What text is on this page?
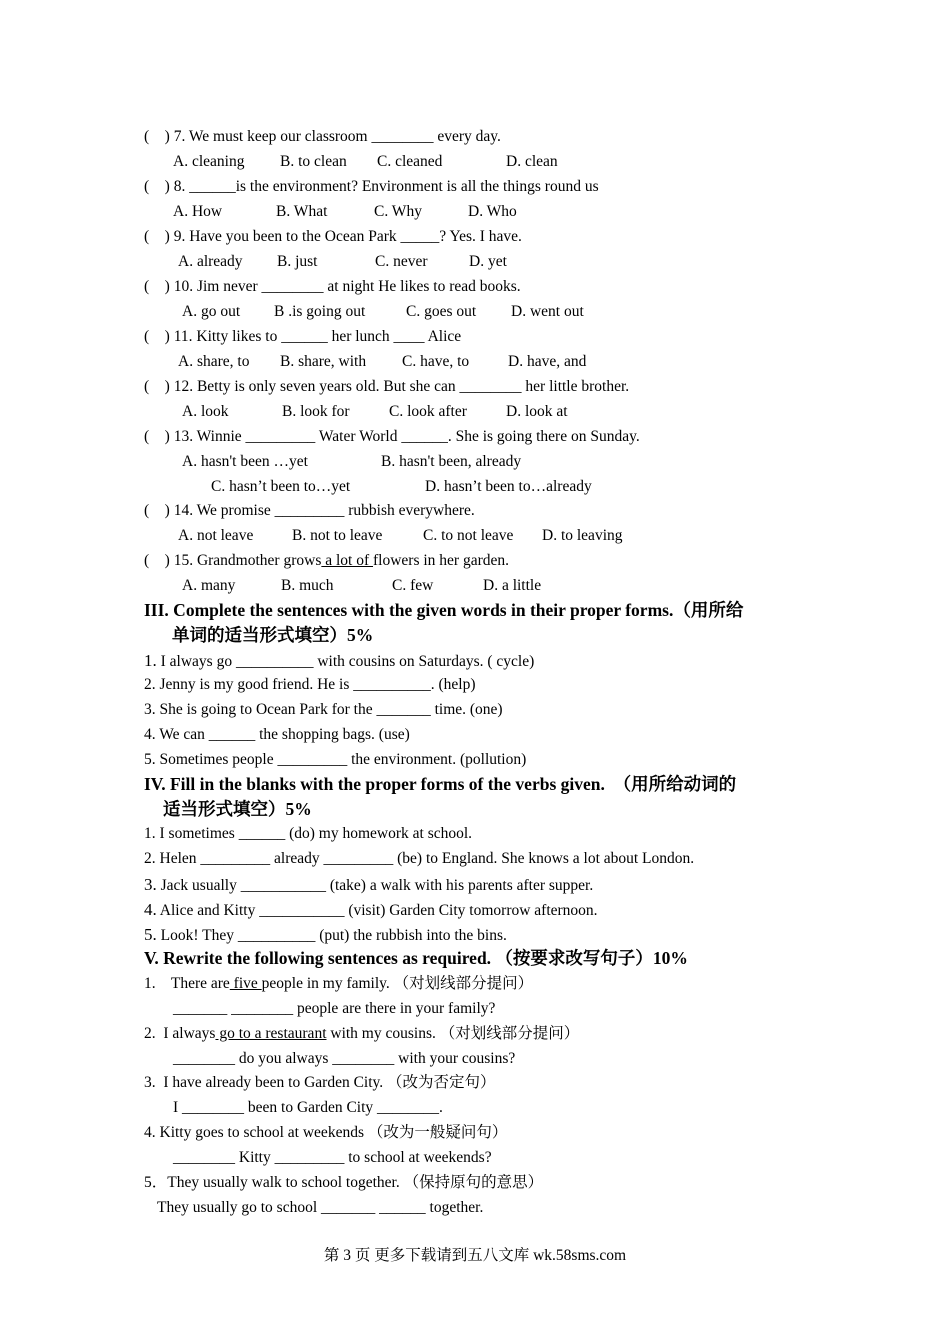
(    ) 7. We must keep our classroom ________ every day.
A. cleaning B. to clean C. cleaned	D. clean
(    ) 8. ______is the environment? Environment is all the things round us
A. How	B. What	C. Why	D. Who
(    ) 9. Have you been to the Ocean Park _____? Yes. I have.
A. already B. just	C. never	D. yet
(    ) 10. Jim never ________ at night He likes to read books.
A. go out B .is going out	C. goes out D. went out
(    ) 11. Kitty likes to ______ her lunch ____ Alice
A. share, to B. share, with C. have, to	D. have, and
(    ) 12. Betty is only seven years old. But she can ________ her little brother.
A. look	B. look for	C. look after	D. look at
(    ) 13. Winnie _________ Water World ______. She is going there on Sunday.
A. hasn't been …yet	B. hasn't been, already
C. hasn’t been to…yet	D. hasn’t been to…already
(    ) 14. We promise _________ rubbish everywhere.
A. not leave B. not to leave	C. to not leave D. to leaving
(    ) 15. Grandmother grows a lot of flowers in her garden.
A. many	B. much	C. few	D. a little
III. Complete the sentences with the given words in their proper forms.（用所给
单词的适当形式填空）5%
1. I always go __________ with cousins on Saturdays. ( cycle)
2. Jenny is my good friend. He is __________. (help)
3. She is going to Ocean Park for the _______ time. (one)
4. We can ______ the shopping bags. (use)
5. Sometimes people _________ the environment. (pollution)
IV. Fill in the blanks with the proper forms of the verbs given.  （用所给动词的
适当形式填空）5%
1. I sometimes ______ (do) my homework at school.
2. Helen _________ already _________ (be) to England. She knows a lot about London.
3. Jack usually ___________ (take) a walk with his parents after supper.
4. Alice and Kitty ___________ (visit) Garden City tomorrow afternoon.
5. Look! They __________ (put) the rubbish into the bins.
V. Rewrite the following sentences as required. （按要求改写句子）10%
1.    There are five people in my family. （对划线部分提问）
_______ ________ people are there in your family?
2.  I always go to a restaurant with my cousins. （对划线部分提问）
________ do you always ________ with your cousins?
3.  I have already been to Garden City. （改为否定句）
I ________ been to Garden City ________.
4. Kitty goes to school at weekends （改为一般疑问句）
________ Kitty _________ to school at weekends?
5．They usually walk to school together. （保持原句的意思）
They usually go to school _______ ______ together.
第 3 页 更多下载请到五八文库 wk.58sms.com
